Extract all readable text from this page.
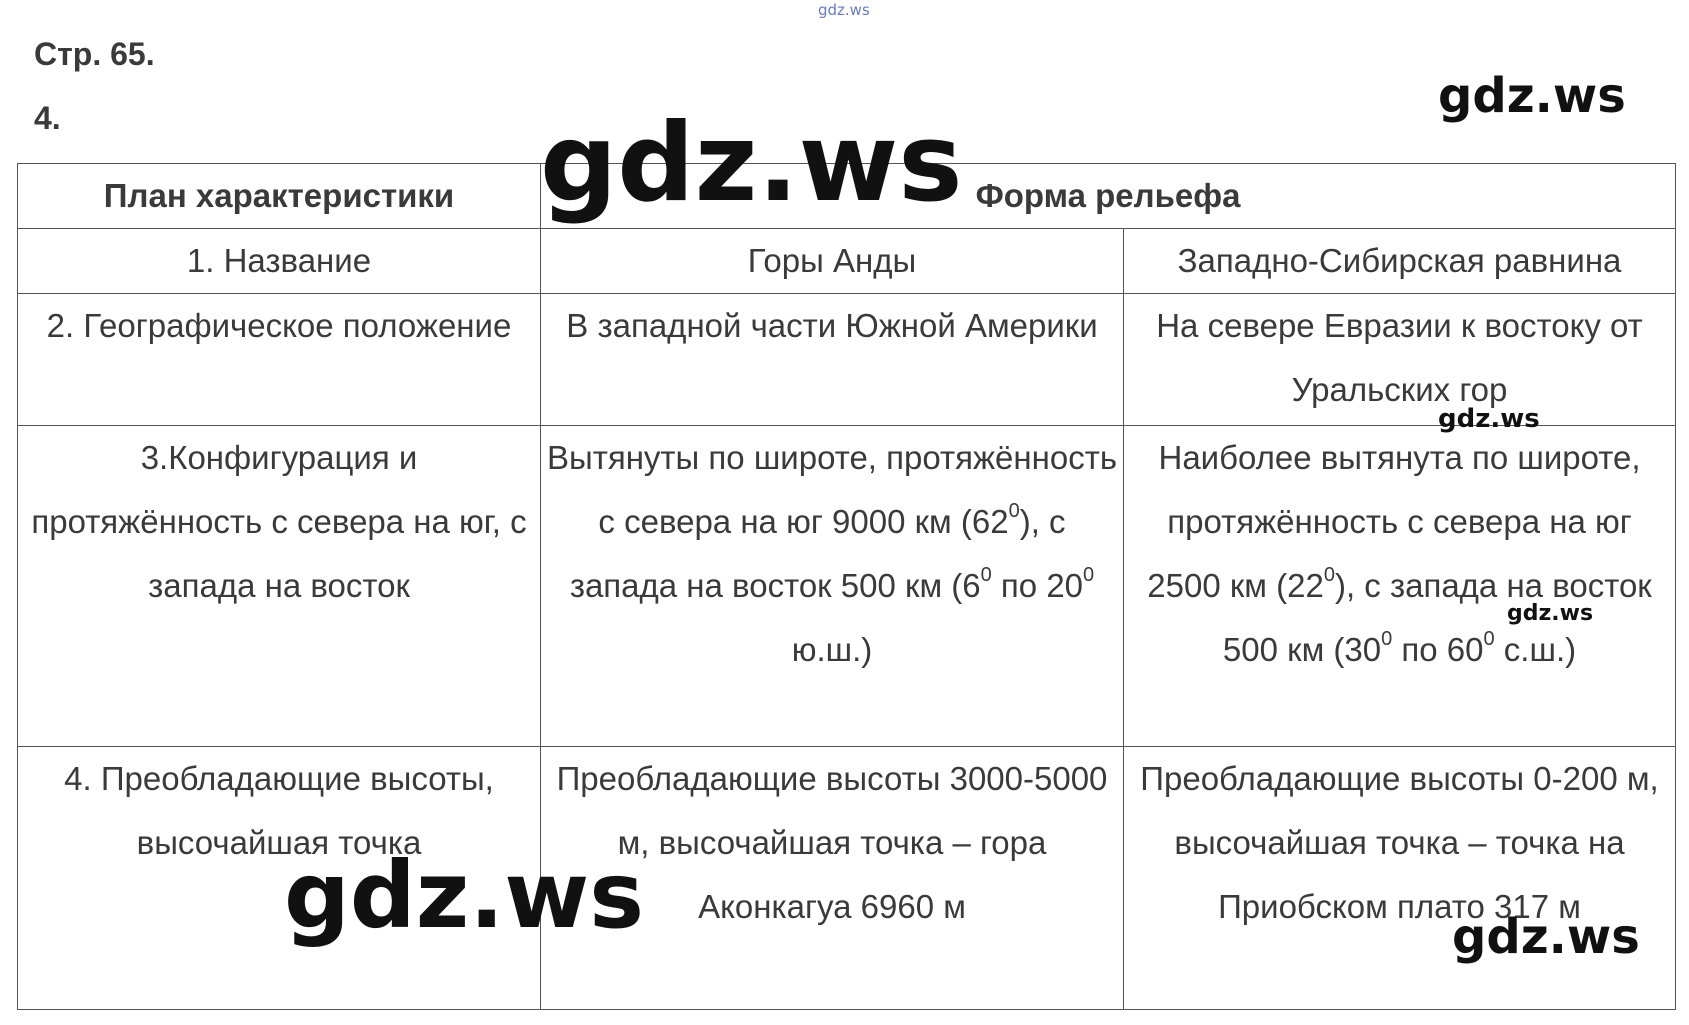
Стр. 65.
4.
План характеристики	Форма рельефа	
1. Название	Горы Анды	Западно-Сибирская равнина
2. Географическое положение	В западной части Южной Америки	На севере Евразии к востоку от Уральских гор
3.Конфигурация и протяжённость с севера на юг, с запада на восток	Вытянуты по широте, протяжённость с севера на юг 9000 км $(62^0)$, с запада на восток 500 км ($6^0$ по $20^0$ ю.ш.)	Наиболее вытянута по широте, протяжённость с севера на юг 2500 км $(22^0)$, с запада на восток 500 км ($30^0$ по $60^0$ с.ш.)
4. Преобладающие высоты, высочайшая точка	Преобладающие высоты 3000-5000 м, высочайшая точка – гора Аконкагуа 6960 м	Преобладающие высоты 0-200 м, высочайшая точка – точка на Приобском плато 317 м
gdz.ws
gdz.ws
gdz.ws
gdz.ws
gdz.ws
gdz.ws	gdz.ws
